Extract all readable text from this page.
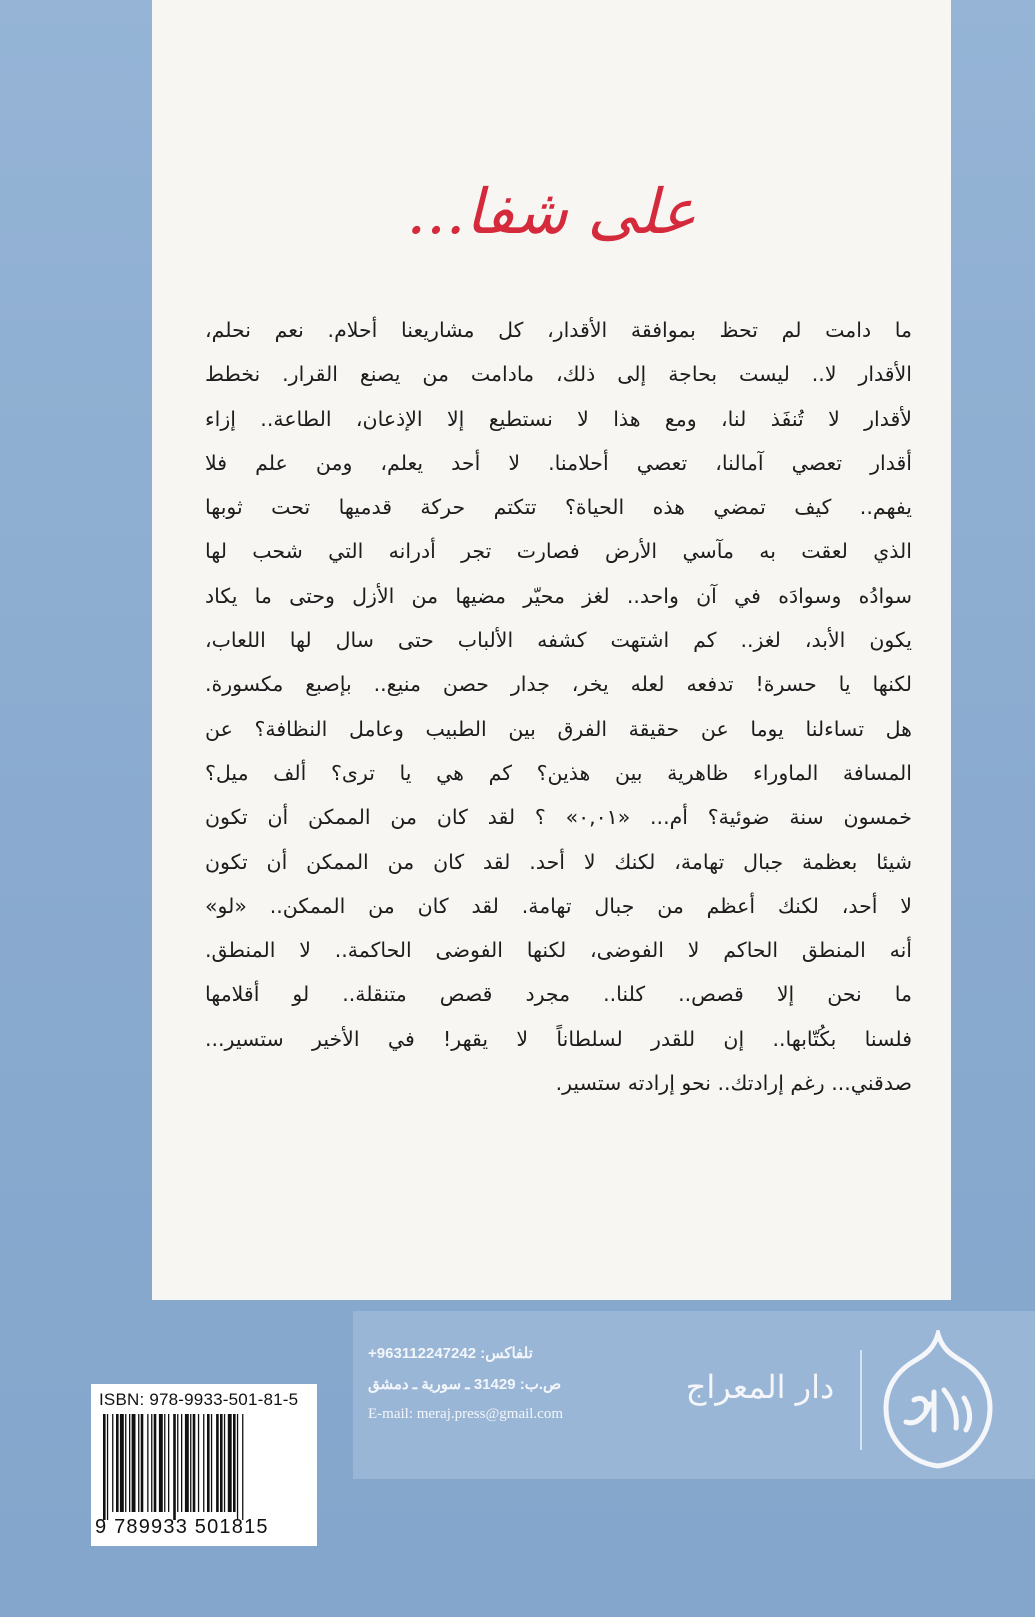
على شفا...
ما دامت لم تحظ بموافقة الأقدار، كل مشاريعنا أحلام. نعم نحلم،
الأقدار لا.. ليست بحاجة إلى ذلك، مادامت من يصنع القرار. نخطط
لأقدار لا تُنفَذ لنا، ومع هذا لا نستطيع إلا الإذعان، الطاعة.. إزاء
أقدار تعصي آمالنا، تعصي أحلامنا. لا أحد يعلم، ومن علم فلا
يفهم.. كيف تمضي هذه الحياة؟ تتكتم حركة قدميها تحت ثوبها
الذي لعقت به مآسي الأرض فصارت تجر أدرانه التي شحب لها
سوادُه وسوادَه في آن واحد.. لغز محيّر مضيها من الأزل وحتى ما يكاد
يكون الأبد، لغز.. كم اشتهت كشفه الألباب حتى سال لها اللعاب،
لكنها يا حسرة! تدفعه لعله يخر، جدار حصن منيع.. بإصبع مكسورة.
هل تساءلنا يوما عن حقيقة الفرق بين الطبيب وعامل النظافة؟ عن
المسافة الماوراء ظاهرية بين هذين؟ كم هي يا ترى؟ ألف ميل؟
خمسون سنة ضوئية؟ أم... «٠,٠١» ؟ لقد كان من الممكن أن تكون
شيئا بعظمة جبال تهامة، لكنك لا أحد. لقد كان من الممكن أن تكون
لا أحد، لكنك أعظم من جبال تهامة. لقد كان من الممكن.. «لو»
أنه المنطق الحاكم لا الفوضى، لكنها الفوضى الحاكمة.. لا المنطق.
ما نحن إلا قصص.. كلنا.. مجرد قصص متنقلة.. لو أقلامها
فلسنا بكُتّابها.. إن للقدر لسلطاناً لا يقهر! في الأخير ستسير...
صدقني... رغم إرادتك.. نحو إرادته ستسير.
ISBN: 978-9933-501-81-5
9 789933 501815
تلفاكس: 963112247242+
ص.ب: 31429 ـ سورية ـ دمشق
E-mail: meraj.press@gmail.com
دار المعراج
